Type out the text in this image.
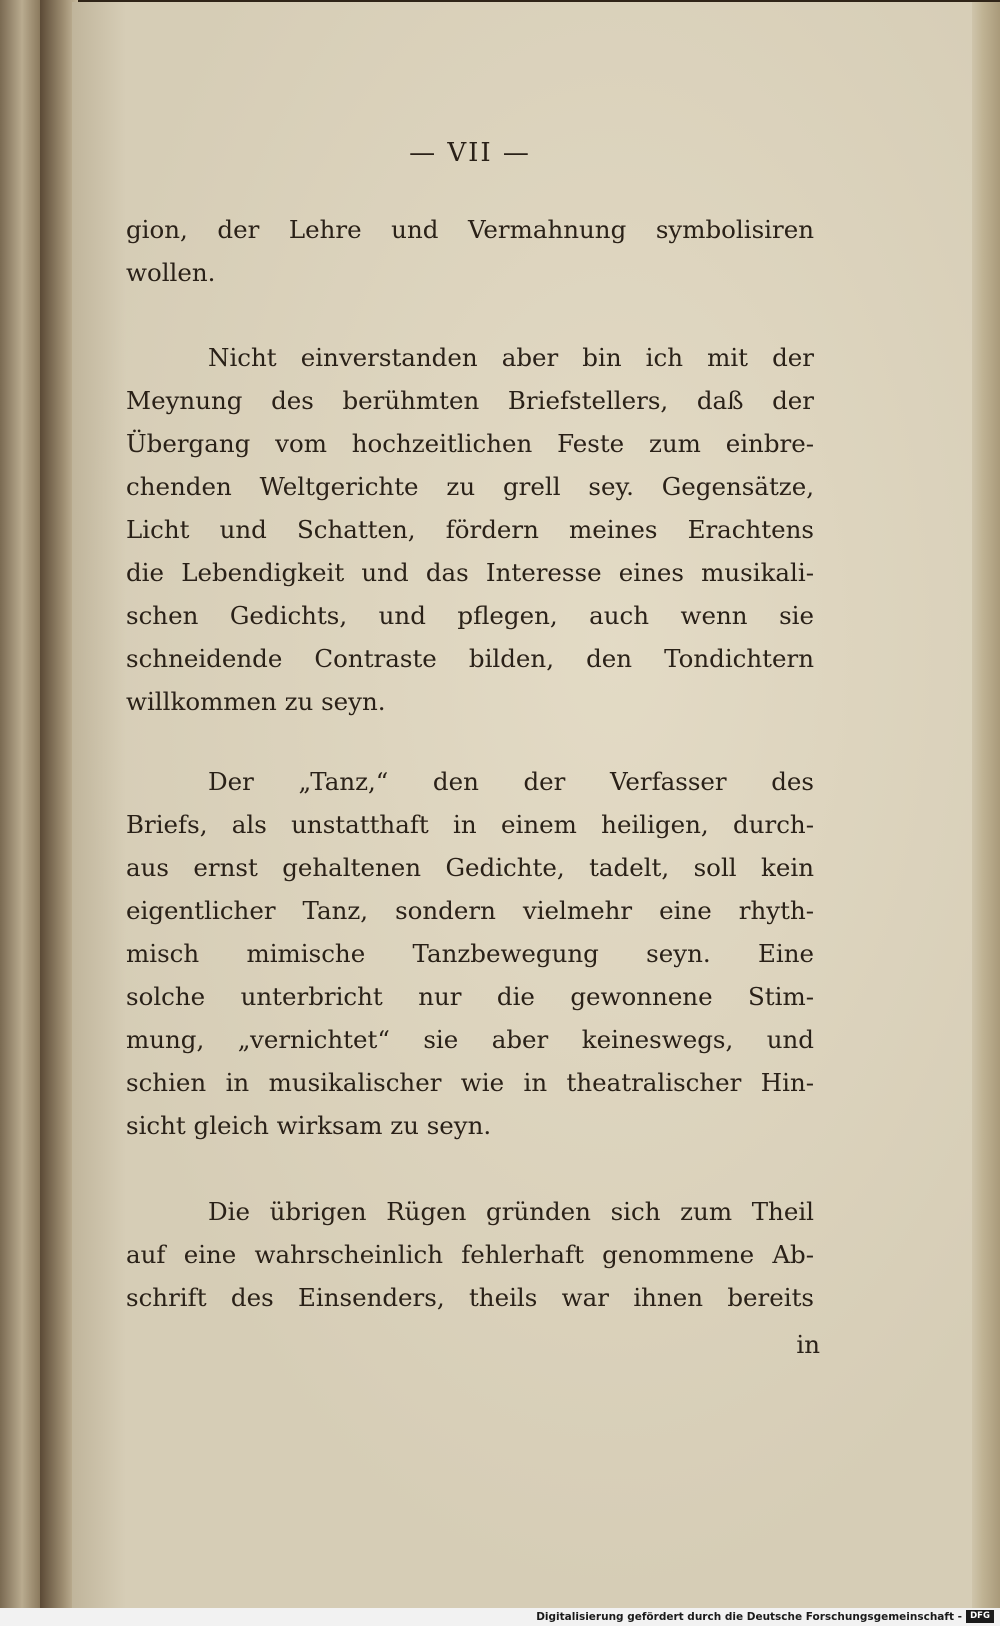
— VII —
gion, der Lehre und Vermahnung symbolisiren
wollen.
Nicht einverstanden aber bin ich mit der
Meynung des berühmten Briefstellers, daß der
Übergang vom hochzeitlichen Feste zum einbre-
chenden Weltgerichte zu grell sey. Gegensätze,
Licht und Schatten, fördern meines Erachtens
die Lebendigkeit und das Interesse eines musikali-
schen Gedichts, und pflegen, auch wenn sie
schneidende Contraste bilden, den Tondichtern
willkommen zu seyn.
Der „Tanz,“ den der Verfasser des
Briefs, als unstatthaft in einem heiligen, durch-
aus ernst gehaltenen Gedichte, tadelt, soll kein
eigentlicher Tanz, sondern vielmehr eine rhyth-
misch mimische Tanzbewegung seyn. Eine
solche unterbricht nur die gewonnene Stim-
mung, „vernichtet“ sie aber keineswegs, und
schien in musikalischer wie in theatralischer Hin-
sicht gleich wirksam zu seyn.
Die übrigen Rügen gründen sich zum Theil
auf eine wahrscheinlich fehlerhaft genommene Ab-
schrift des Einsenders, theils war ihnen bereits
in
Digitalisierung gefördert durch die Deutsche Forschungsgemeinschaft - DFG
